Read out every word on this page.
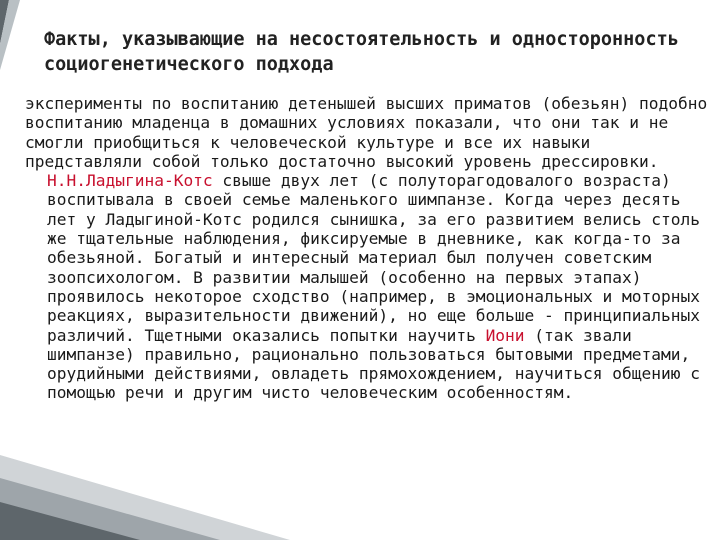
Факты, указывающие на несостоятельность и односторонность социогенетического подхода

эксперименты по воспитанию детенышей высших приматов (обезьян) подобно воспитанию младенца в домашних условиях показали, что они так и не смогли приобщиться к человеческой культуре и все их навыки представляли собой только достаточно высокий уровень дрессировки.

Н.Н.Ладыгина-Котс свыше двух лет (с полуторагодовалого возраста) воспитывала в своей семье маленького шимпанзе. Когда через десять лет у Ладыгиной-Котс родился сынишка, за его развитием велись столь же тщательные наблюдения, фиксируемые в дневнике, как когда-то за обезьяной. Богатый и интересный материал был получен советским зоопсихологом. В развитии малышей (особенно на первых этапах) проявилось некоторое сходство (например, в эмоциональных и моторных реакциях, выразительности движений), но еще больше - принципиальных различий. Тщетными оказались попытки научить Иони (так звали шимпанзе) правильно, рационально пользоваться бытовыми предметами, орудийными действиями, овладеть прямохождением, научиться общению с помощью речи и другим чисто человеческим особенностям.
